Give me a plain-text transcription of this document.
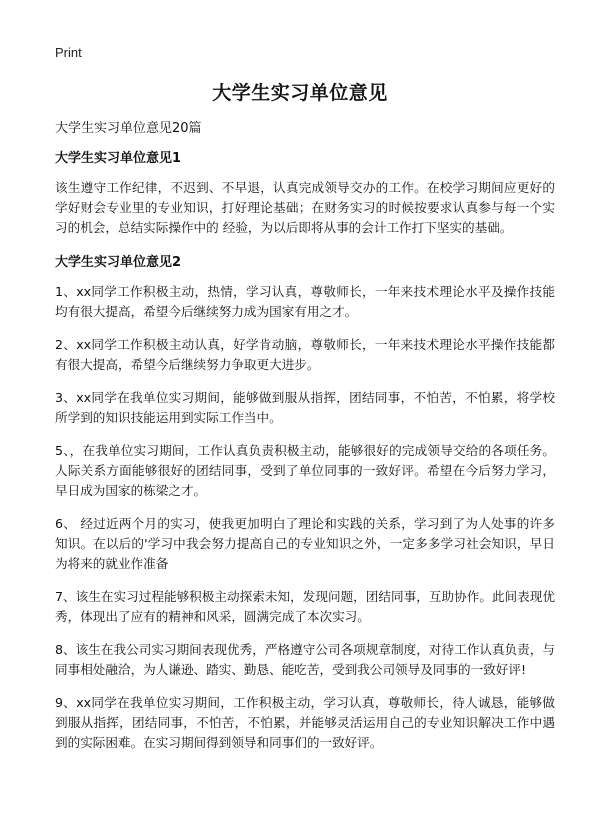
Print
大学生实习单位意见

大学生实习单位意见20篇

大学生实习单位意见1

该生遵守工作纪律，不迟到、不早退，认真完成领导交办的工作。在校学习期间应更好的学好财会专业里的专业知识，打好理论基础；在财务实习的时候按要求认真参与每一个实习的机会，总结实际操作中的 经验，为以后即将从事的会计工作打下坚实的基础。

大学生实习单位意见2

1、xx同学工作积极主动，热情，学习认真，尊敬师长，一年来技术理论水平及操作技能均有很大提高，希望今后继续努力成为国家有用之才。

2、xx同学工作积极主动认真，好学肯动脑，尊敬师长，一年来技术理论水平操作技能都有很大提高，希望今后继续努力争取更大进步。

3、xx同学在我单位实习期间，能够做到服从指挥，团结同事，不怕苦，不怕累，将学校所学到的知识技能运用到实际工作当中。

5、，在我单位实习期间，工作认真负责积极主动，能够很好的完成领导交给的各项任务。人际关系方面能够很好的团结同事，受到了单位同事的一致好评。希望在今后努力学习，早日成为国家的栋梁之才。

6、 经过近两个月的实习，使我更加明白了理论和实践的关系，学习到了为人处事的许多知识。在以后的'学习中我会努力提高自己的专业知识之外，一定多多学习社会知识，早日为将来的就业作准备

7、该生在实习过程能够积极主动探索未知，发现问题，团结同事，互助协作。此间表现优秀，体现出了应有的精神和风采，圆满完成了本次实习。

8、该生在我公司实习期间表现优秀，严格遵守公司各项规章制度，对待工作认真负责，与同事相处融洽，为人谦逊、踏实、勤恳、能吃苦，受到我公司领导及同事的一致好评!

9、xx同学在我单位实习期间，工作积极主动，学习认真，尊敬师长，待人诚恳，能够做到服从指挥，团结同事，不怕苦，不怕累，并能够灵活运用自己的专业知识解决工作中遇到的实际困难。在实习期间得到领导和同事们的一致好评。
